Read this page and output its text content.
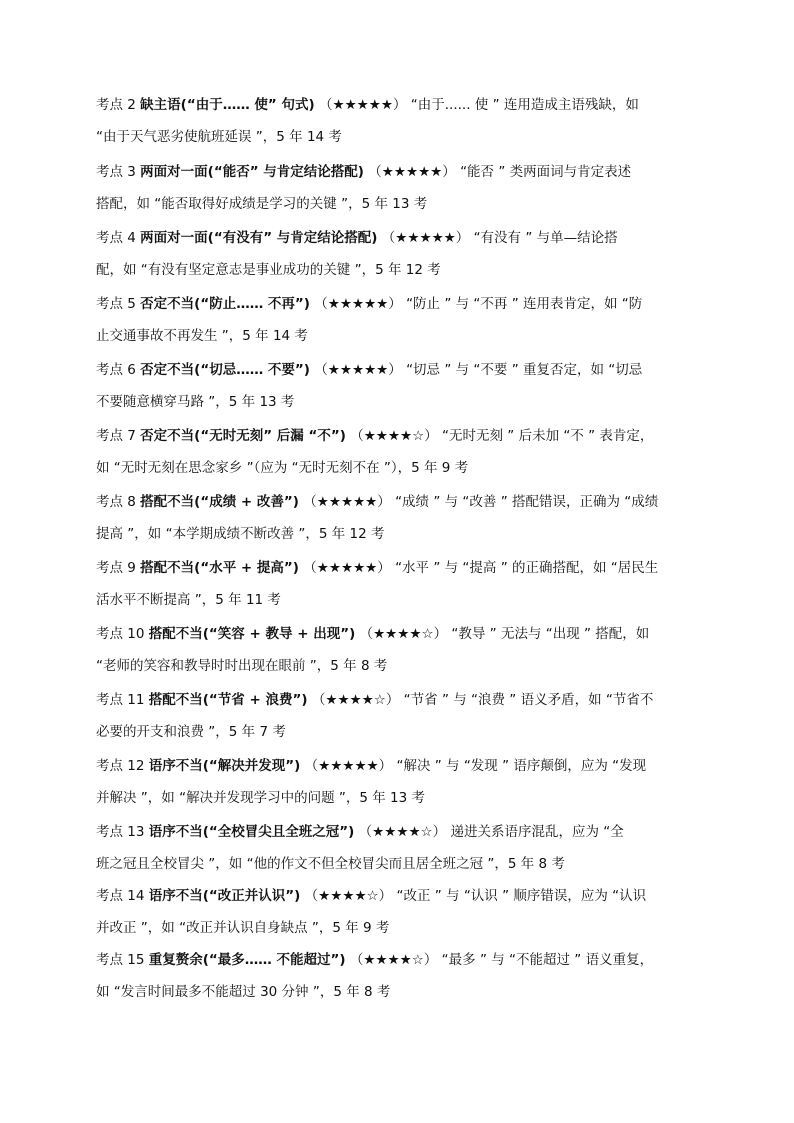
考点 2 缺主语(“由于…… 使” 句式) （★★★★★） “由于...... 使 ” 连用造成主语残缺，如
“由于天气恶劣使航班延误 ”，5 年 14 考
考点 3 两面对一面(“能否” 与肯定结论搭配) （★★★★★） “能否 ” 类两面词与肯定表述
搭配，如 “能否取得好成绩是学习的关键 ”，5 年 13 考
考点 4 两面对一面(“有没有” 与肯定结论搭配) （★★★★★） “有没有 ” 与单—结论搭
配，如 “有没有坚定意志是事业成功的关键 ”，5 年 12 考
考点 5 否定不当(“防止…… 不再”) （★★★★★） “防止 ” 与 “不再 ” 连用表肯定，如 “防
止交通事故不再发生 ”，5 年 14 考
考点 6 否定不当(“切忌…… 不要”) （★★★★★） “切忌 ” 与 “不要 ” 重复否定，如 “切忌
不要随意横穿马路 ”，5 年 13 考
考点 7 否定不当(“无时无刻” 后漏 “不”) （★★★★☆） “无时无刻 ” 后未加 “不 ” 表肯定，
如 “无时无刻在思念家乡 ”（应为 “无时无刻不在 ”），5 年 9 考
考点 8 搭配不当(“成绩 + 改善”) （★★★★★） “成绩 ” 与 “改善 ” 搭配错误，正确为 “成绩
提高 ”，如 “本学期成绩不断改善 ”，5 年 12 考
考点 9 搭配不当(“水平 + 提高”) （★★★★★） “水平 ” 与 “提高 ” 的正确搭配，如 “居民生
活水平不断提高 ”，5 年 11 考
考点 10 搭配不当(“笑容 + 教导 + 出现”) （★★★★☆） “教导 ” 无法与 “出现 ” 搭配，如
“老师的笑容和教导时时出现在眼前 ”，5 年 8 考
考点 11 搭配不当(“节省 + 浪费”) （★★★★☆） “节省 ” 与 “浪费 ” 语义矛盾，如 “节省不
必要的开支和浪费 ”，5 年 7 考
考点 12 语序不当(“解决并发现”) （★★★★★） “解决 ” 与 “发现 ” 语序颠倒，应为 “发现
并解决 ”，如 “解决并发现学习中的问题 ”，5 年 13 考
考点 13 语序不当(“全校冒尖且全班之冠”) （★★★★☆） 递进关系语序混乱，应为 “全
班之冠且全校冒尖 ”，如 “他的作文不但全校冒尖而且居全班之冠 ”，5 年 8 考
考点 14 语序不当(“改正并认识”) （★★★★☆） “改正 ” 与 “认识 ” 顺序错误，应为 “认识
并改正 ”，如 “改正并认识自身缺点 ”，5 年 9 考
考点 15 重复赘余(“最多…… 不能超过”) （★★★★☆） “最多 ” 与 “不能超过 ” 语义重复，
如 “发言时间最多不能超过 30 分钟 ”，5 年 8 考
